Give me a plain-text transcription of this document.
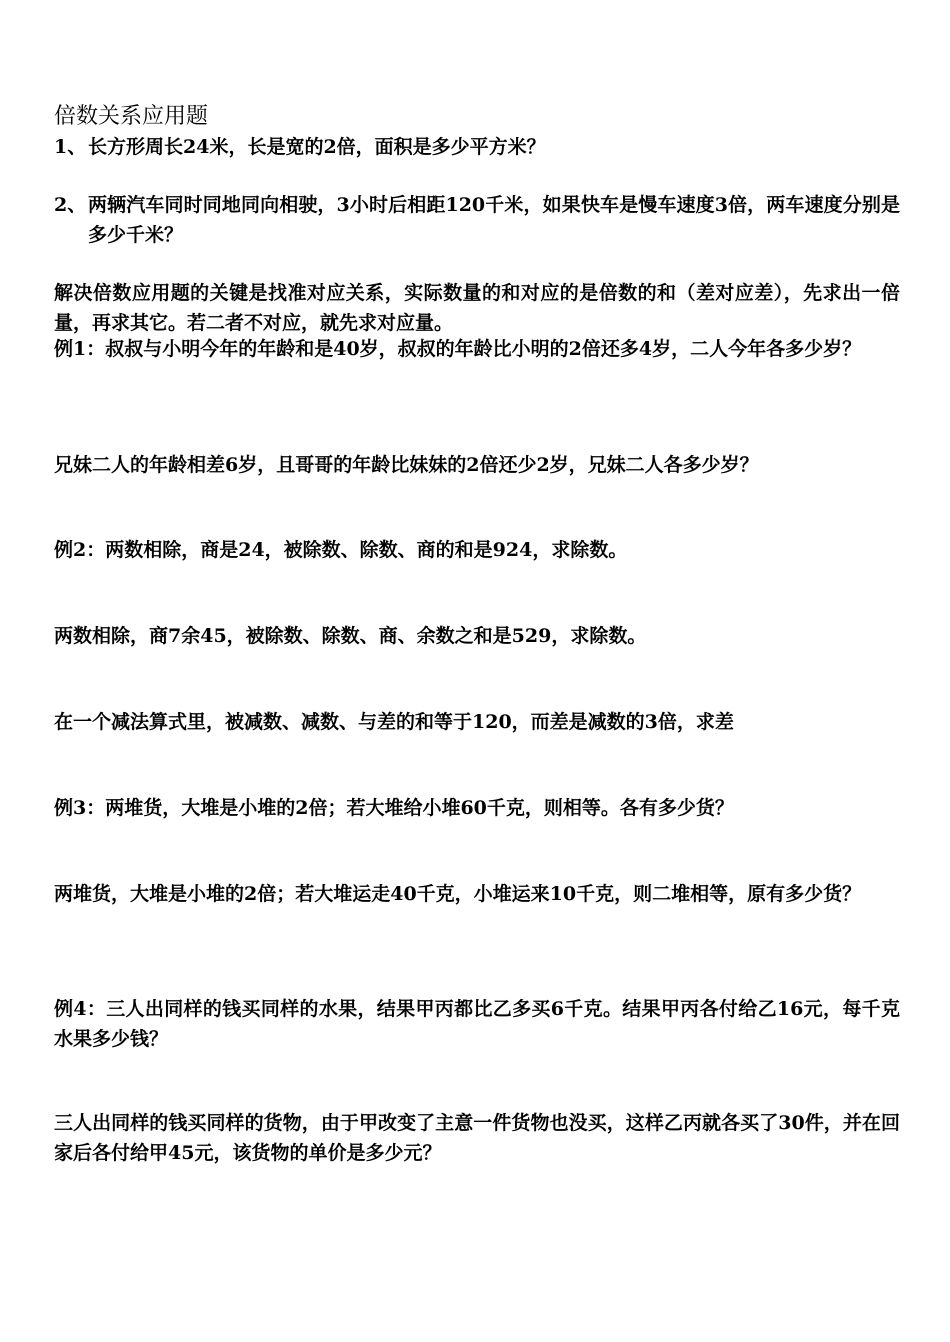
倍数关系应用题
1、 长方形周长24米，长是宽的2倍，面积是多少平方米？
2、 两辆汽车同时同地同向相驶，3小时后相距120千米，如果快车是慢车速度3倍，两车速度分别是多少千米？
解决倍数应用题的关键是找准对应关系，实际数量的和对应的是倍数的和（差对应差），先求出一倍量，再求其它。若二者不对应，就先求对应量。
例1：叔叔与小明今年的年龄和是40岁，叔叔的年龄比小明的2倍还多4岁，二人今年各多少岁？
兄妹二人的年龄相差6岁，且哥哥的年龄比妹妹的2倍还少2岁，兄妹二人各多少岁？
例2：两数相除，商是24，被除数、除数、商的和是924，求除数。
两数相除，商7余45，被除数、除数、商、余数之和是529，求除数。
在一个减法算式里，被减数、减数、与差的和等于120，而差是减数的3倍，求差
例3：两堆货，大堆是小堆的2倍；若大堆给小堆60千克，则相等。各有多少货？
两堆货，大堆是小堆的2倍；若大堆运走40千克，小堆运来10千克，则二堆相等，原有多少货？
例4：三人出同样的钱买同样的水果，结果甲丙都比乙多买6千克。结果甲丙各付给乙16元，每千克水果多少钱？
三人出同样的钱买同样的货物，由于甲改变了主意一件货物也没买，这样乙丙就各买了30件，并在回家后各付给甲45元，该货物的单价是多少元？
